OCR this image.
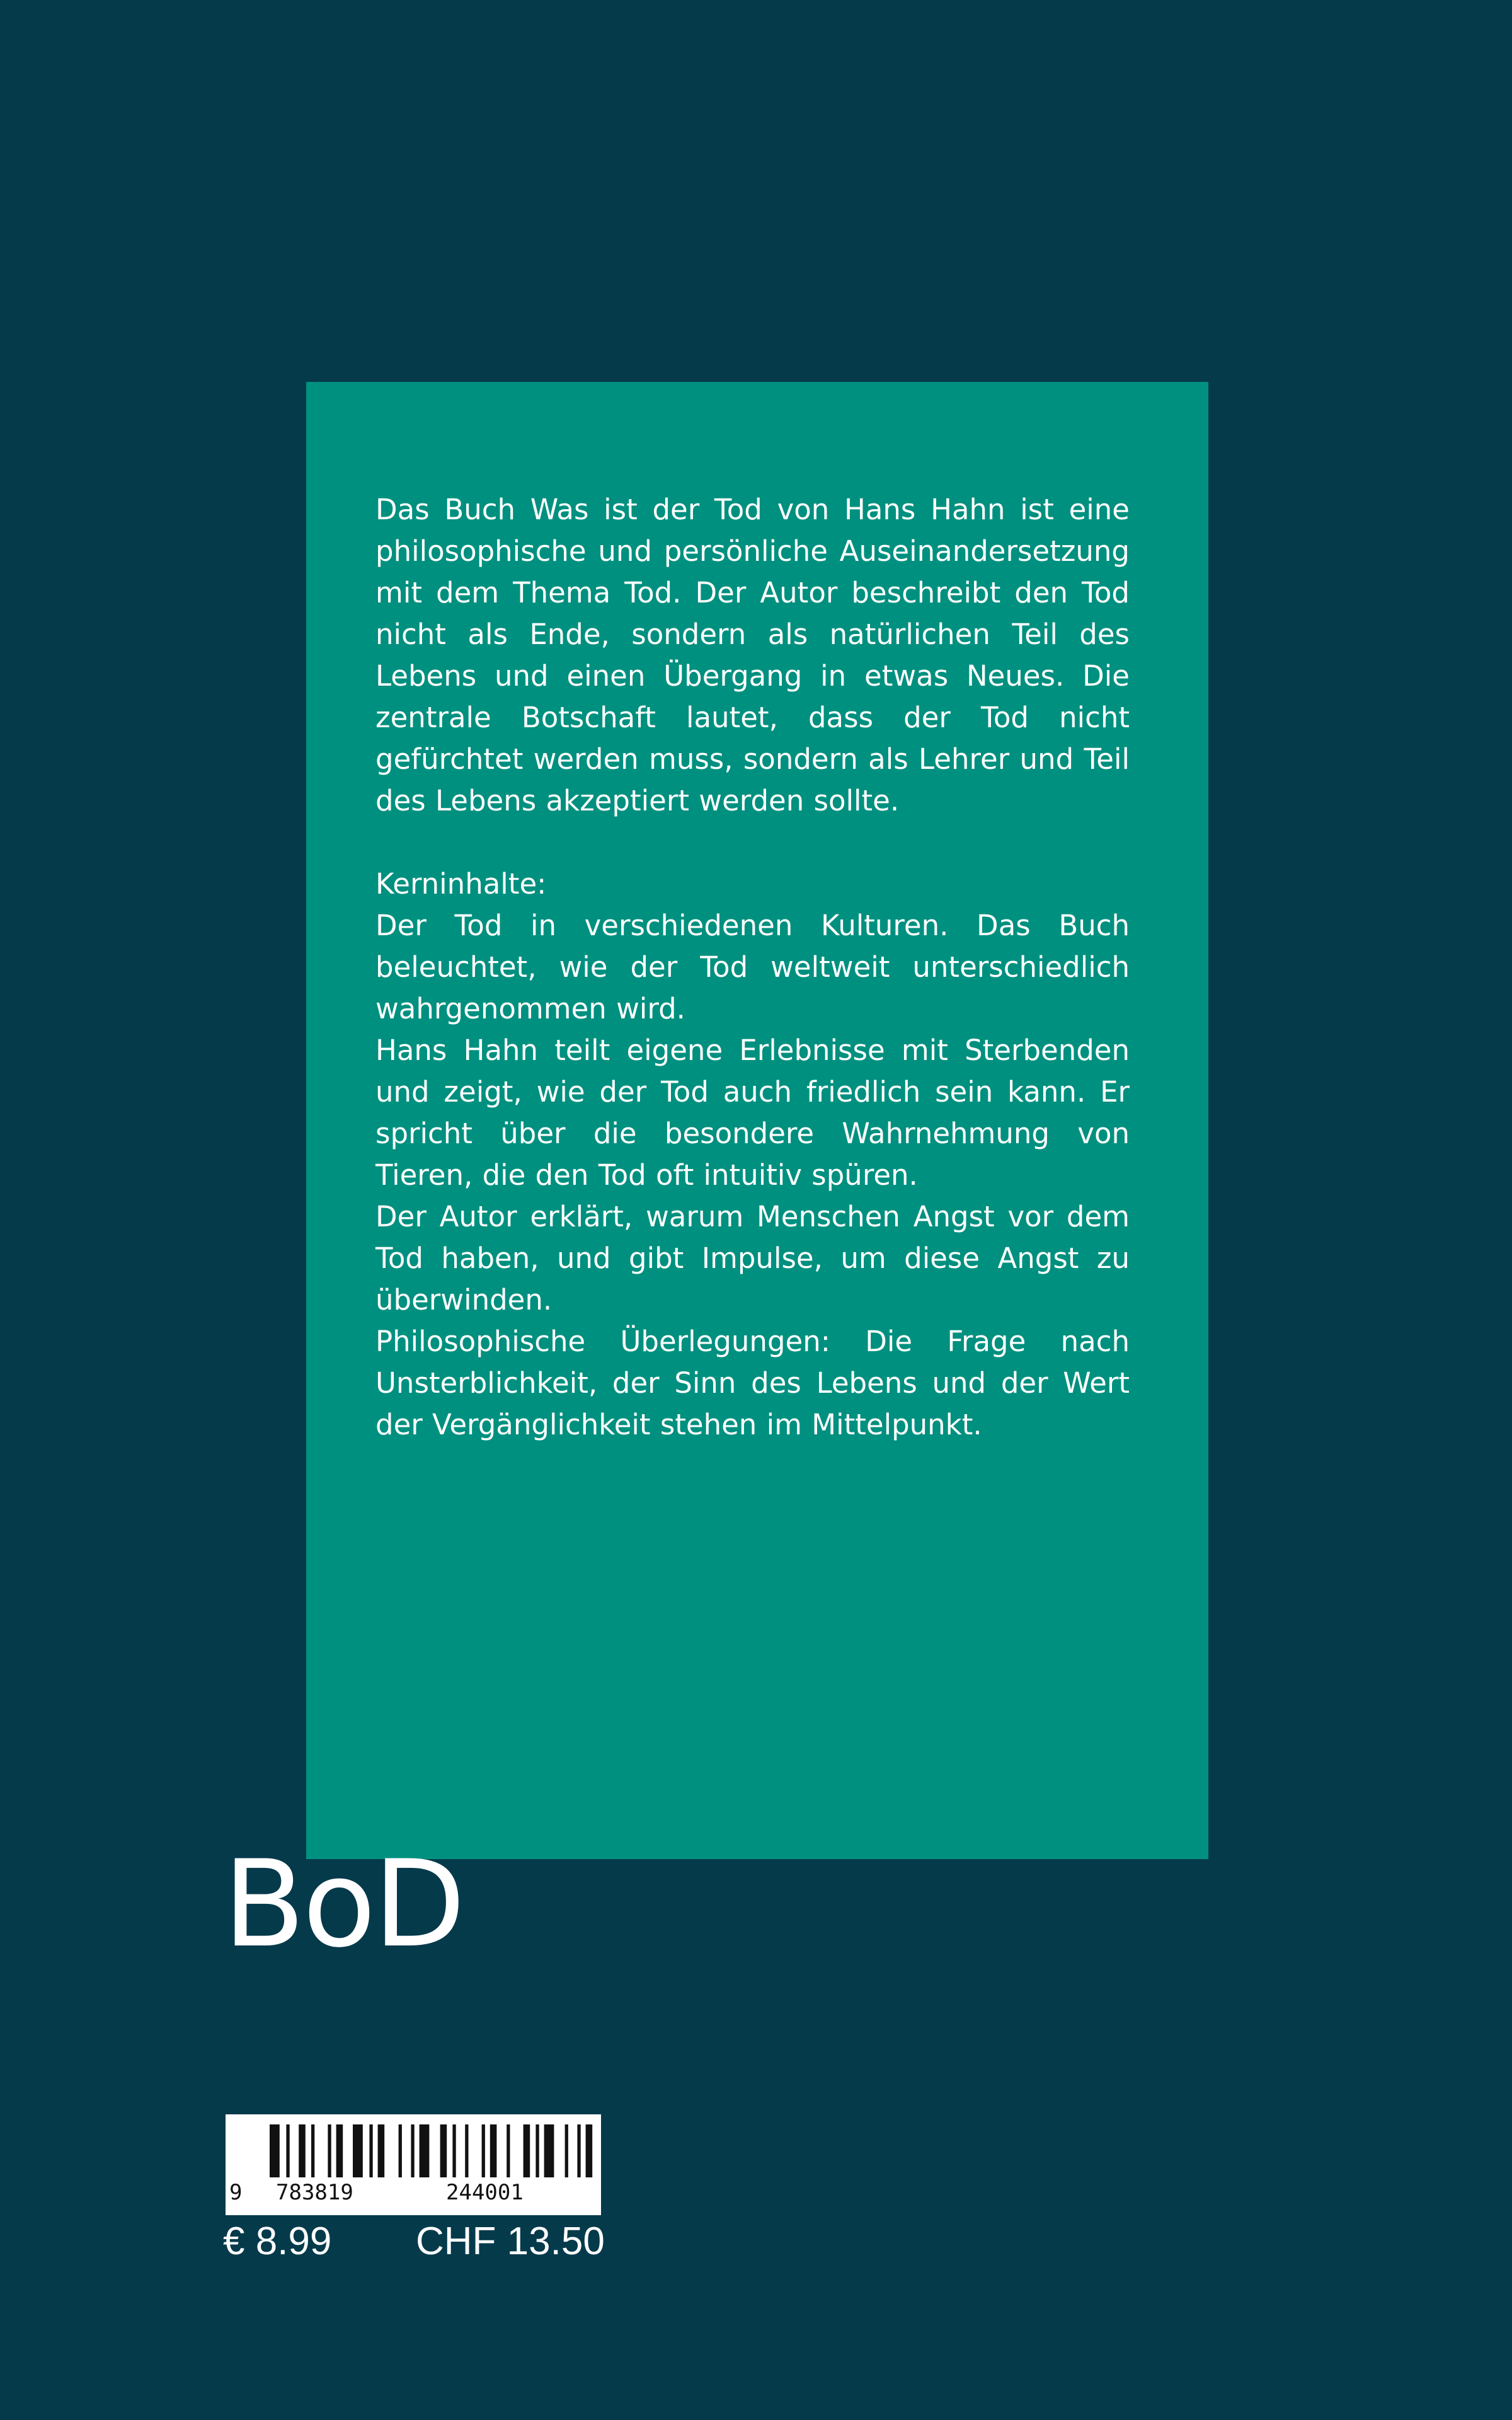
Das Buch Was ist der Tod von Hans Hahn ist eine philosophische und persönliche Auseinandersetzung mit dem Thema Tod. Der Autor beschreibt den Tod nicht als Ende, sondern als natürlichen Teil des Lebens und einen Übergang in etwas Neues. Die zentrale Botschaft lautet, dass der Tod nicht gefürchtet werden muss, sondern als Lehrer und Teil des Lebens akzeptiert werden sollte.

Kerninhalte:

Der Tod in verschiedenen Kulturen. Das Buch beleuchtet, wie der Tod weltweit unterschiedlich wahrgenommen wird.

Hans Hahn teilt eigene Erlebnisse mit Sterbenden und zeigt, wie der Tod auch friedlich sein kann. Er spricht über die besondere Wahrnehmung von Tieren, die den Tod oft intuitiv spüren.

Der Autor erklärt, warum Menschen Angst vor dem Tod haben, und gibt Impulse, um diese Angst zu überwinden.

Philosophische Überlegungen: Die Frage nach Unsterblichkeit, der Sinn des Lebens und der Wert der Vergänglichkeit stehen im Mittelpunkt.

BoD
9 783819	244001
€ 8.99 CHF 13.50
